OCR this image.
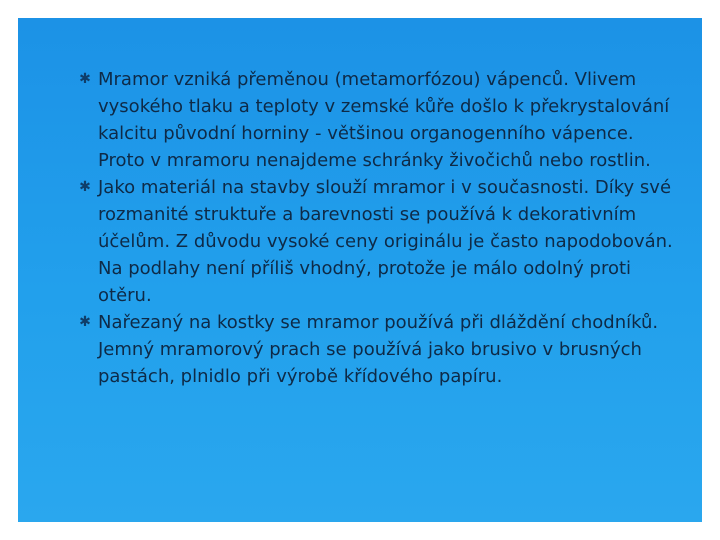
✱ Mramor vzniká přeměnou (metamorfózou) vápenců. Vlivem vysokého tlaku a teploty v zemské kůře došlo k překrystalování kalcitu původní horniny - většinou organogenního vápence. Proto v mramoru nenajdeme schránky živočichů nebo rostlin.
✱ Jako materiál na stavby slouží mramor i v současnosti. Díky své rozmanité struktuře a barevnosti se používá k dekorativním účelům. Z důvodu vysoké ceny originálu je často napodobován. Na podlahy není příliš vhodný, protože je málo odolný proti otěru.
✱ Nařezaný na kostky se mramor používá při dláždění chodníků. Jemný mramorový prach se používá jako brusivo v brusných pastách, plnidlo při výrobě křídového papíru.
